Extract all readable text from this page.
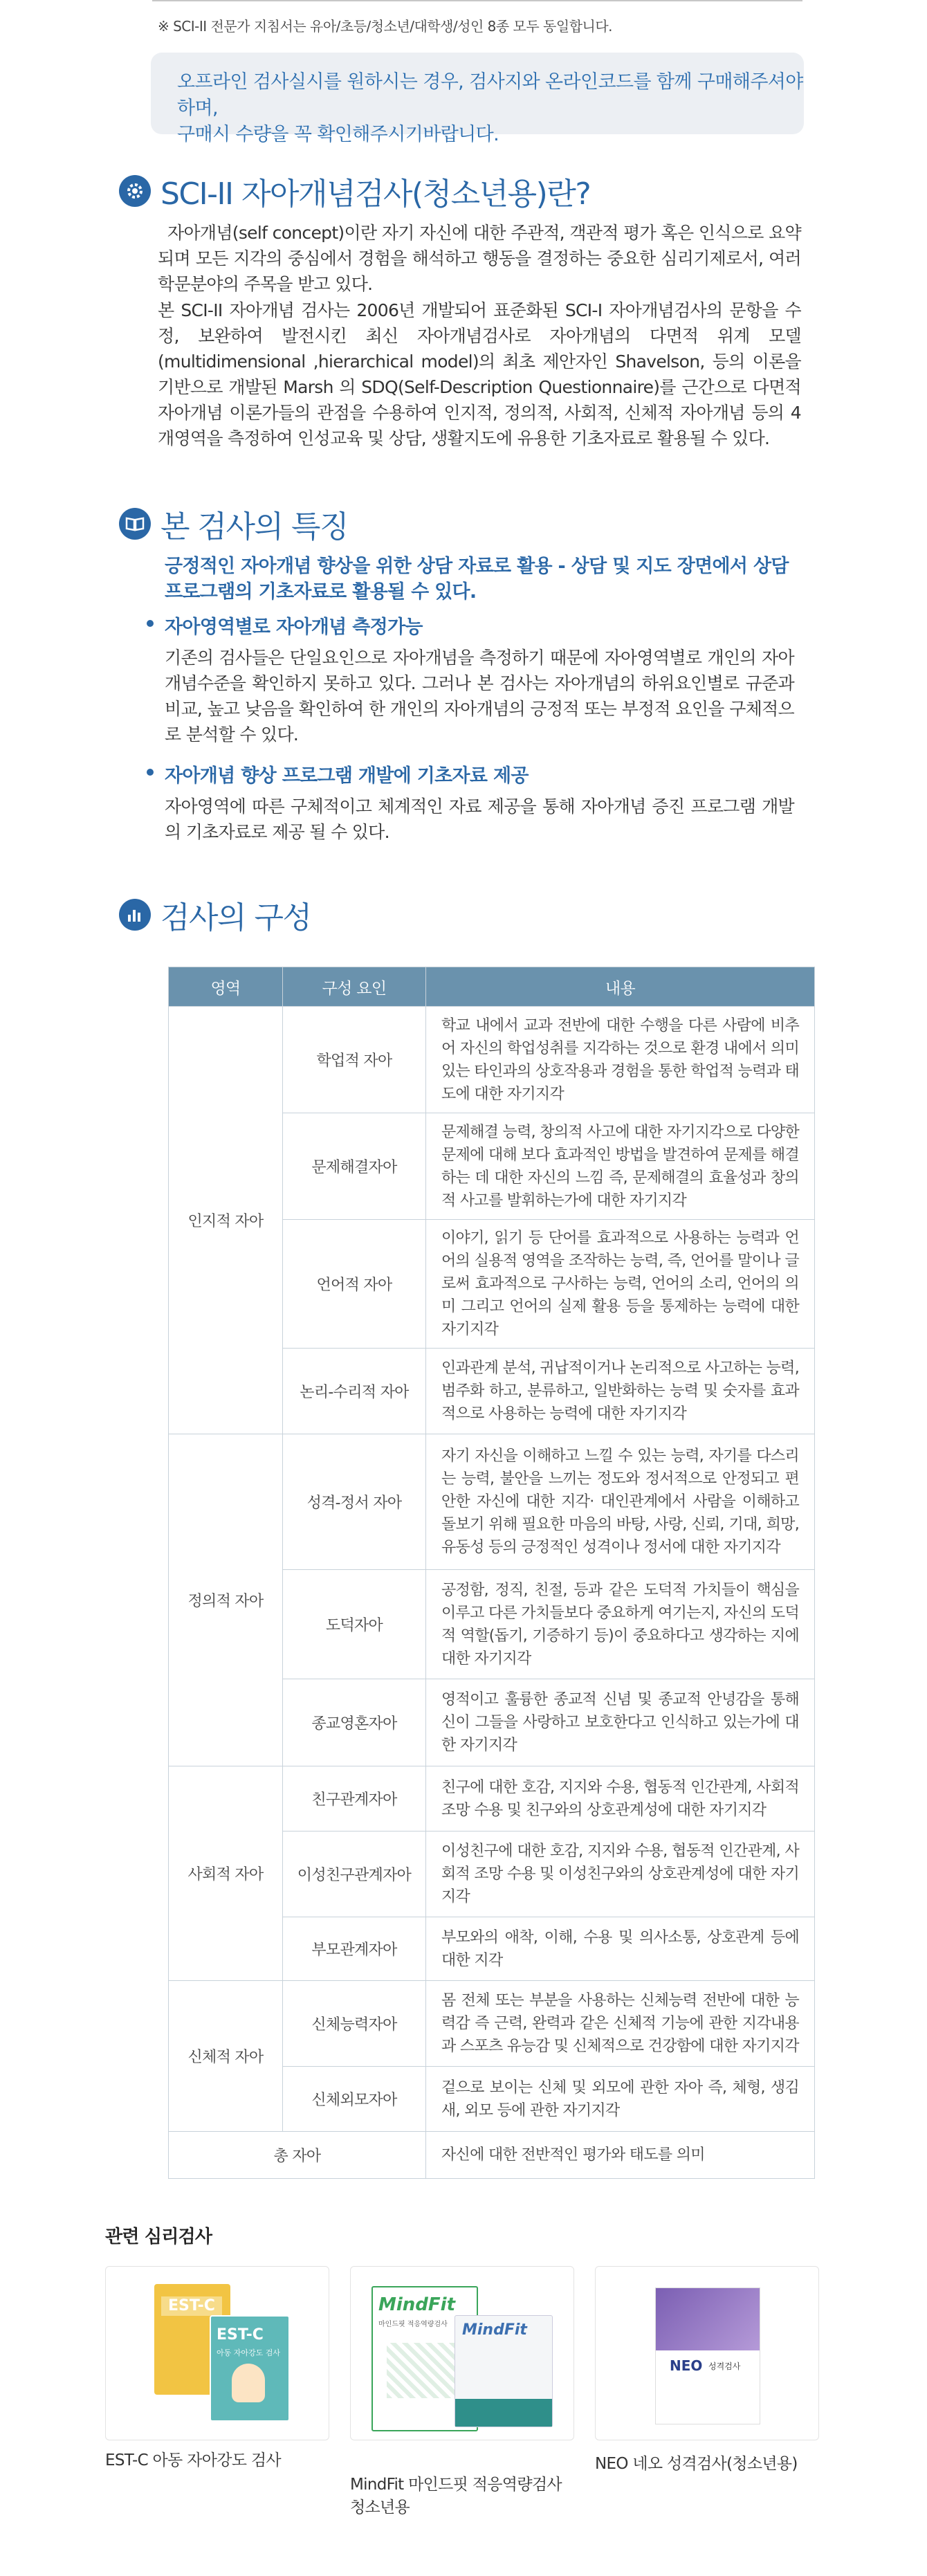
※ SCI-II 전문가 지침서는 유아/초등/청소년/대학생/성인 8종 모두 동일합니다.

오프라인 검사실시를 원하시는 경우, 검사지와 온라인코드를 함께 구매해주셔야 하며,
구매시 수량을 꼭 확인해주시기바랍니다.

SCI-II 자아개념검사(청소년용)란?
자아개념(self concept)이란 자기 자신에 대한 주관적, 객관적 평가 혹은 인식으로 요약되며 모든 지각의 중심에서 경험을 해석하고 행동을 결정하는 중요한 심리기제로서, 여러 학문분야의 주목을 받고 있다.
본 SCI-II 자아개념 검사는 2006년 개발되어 표준화된 SCI-I 자아개념검사의 문항을 수정, 보완하여 발전시킨 최신 자아개념검사로 자아개념의 다면적 위계 모델(multidimensional ,hierarchical model)의 최초 제안자인 Shavelson, 등의 이론을 기반으로 개발된 Marsh 의 SDQ(Self-Description Questionnaire)를 근간으로 다면적 자아개념 이론가들의 관점을 수용하여 인지적, 정의적, 사회적, 신체적 자아개념 등의 4개영역을 측정하여 인성교육 및 상담, 생활지도에 유용한 기초자료로 활용될 수 있다.
본 검사의 특징
긍정적인 자아개념 향상을 위한 상담 자료로 활용 - 상담 및 지도 장면에서 상담 프로그램의 기초자료로 활용될 수 있다.
자아영역별로 자아개념 측정가능
기존의 검사들은 단일요인으로 자아개념을 측정하기 때문에 자아영역별로 개인의 자아개념수준을 확인하지 못하고 있다. 그러나 본 검사는 자아개념의 하위요인별로 규준과 비교, 높고 낮음을 확인하여 한 개인의 자아개념의 긍정적 또는 부정적 요인을 구체적으로 분석할 수 있다.
자아개념 향상 프로그램 개발에 기초자료 제공
자아영역에 따른 구체적이고 체계적인 자료 제공을 통해 자아개념 증진 프로그램 개발의 기초자료로 제공 될 수 있다.
검사의 구성
영역	구성 요인	내용
인지적 자아	학업적 자아	학교 내에서 교과 전반에 대한 수행을 다른 사람에 비추어 자신의 학업성취를 지각하는 것으로 환경 내에서 의미있는 타인과의 상호작용과 경험을 통한 학업적 능력과 태도에 대한 자기지각
	문제해결자아	문제해결 능력, 창의적 사고에 대한 자기지각으로 다양한 문제에 대해 보다 효과적인 방법을 발견하여 문제를 해결하는 데 대한 자신의 느낌 즉, 문제해결의 효율성과 창의적 사고를 발휘하는가에 대한 자기지각
	언어적 자아	이야기, 읽기 등 단어를 효과적으로 사용하는 능력과 언어의 실용적 영역을 조작하는 능력, 즉, 언어를 말이나 글로써 효과적으로 구사하는 능력, 언어의 소리, 언어의 의미 그리고 언어의 실제 활용 등을 통제하는 능력에 대한 자기지각
	논리-수리적 자아	인과관계 분석, 귀납적이거나 논리적으로 사고하는 능력, 범주화 하고, 분류하고, 일반화하는 능력 및 숫자를 효과적으로 사용하는 능력에 대한 자기지각
정의적 자아	성격-정서 자아	자기 자신을 이해하고 느낄 수 있는 능력, 자기를 다스리는 능력, 불안을 느끼는 정도와 정서적으로 안정되고 편안한 자신에 대한 지각· 대인관계에서 사람을 이해하고 돌보기 위해 필요한 마음의 바탕, 사랑, 신뢰, 기대, 희망, 유동성 등의 긍정적인 성격이나 정서에 대한 자기지각
	도덕자아	공정함, 정직, 친절, 등과 같은 도덕적 가치들이 핵심을 이루고 다른 가치들보다 중요하게 여기는지, 자신의 도덕적 역할(돕기, 기증하기 등)이 중요하다고 생각하는 지에 대한 자기지각
	종교영혼자아	영적이고 훌륭한 종교적 신념 및 종교적 안녕감을 통해 신이 그들을 사랑하고 보호한다고 인식하고 있는가에 대한 자기지각
사회적 자아	친구관계자아	친구에 대한 호감, 지지와 수용, 협동적 인간관계, 사회적 조망 수용 및 친구와의 상호관계성에 대한 자기지각
	이성친구관계자아	이성친구에 대한 호감, 지지와 수용, 협동적 인간관계, 사회적 조망 수용 및 이성친구와의 상호관계성에 대한 자기지각
	부모관계자아	부모와의 애착, 이해, 수용 및 의사소통, 상호관계 등에 대한 지각
신체적 자아	신체능력자아	몸 전체 또는 부분을 사용하는 신체능력 전반에 대한 능력감 즉 근력, 완력과 같은 신체적 기능에 관한 지각내용과 스포츠 유능감 및 신체적으로 건강함에 대한 자기지각
	신체외모자아	겉으로 보이는 신체 및 외모에 관한 자아 즉, 체형, 생김새, 외모 등에 관한 자기지각
총 자아		자신에 대한 전반적인 평가와 태도를 의미
관련 심리검사
EST-C
EST-C
아동 자아강도 검사
EST-C 아동 자아강도 검사
MindFit
마인드핏 적응역량검사 MindFit
MindFit 마인드핏 적응역량검사 청소년용
NEO 성격검사
NEO 네오 성격검사(청소년용)
